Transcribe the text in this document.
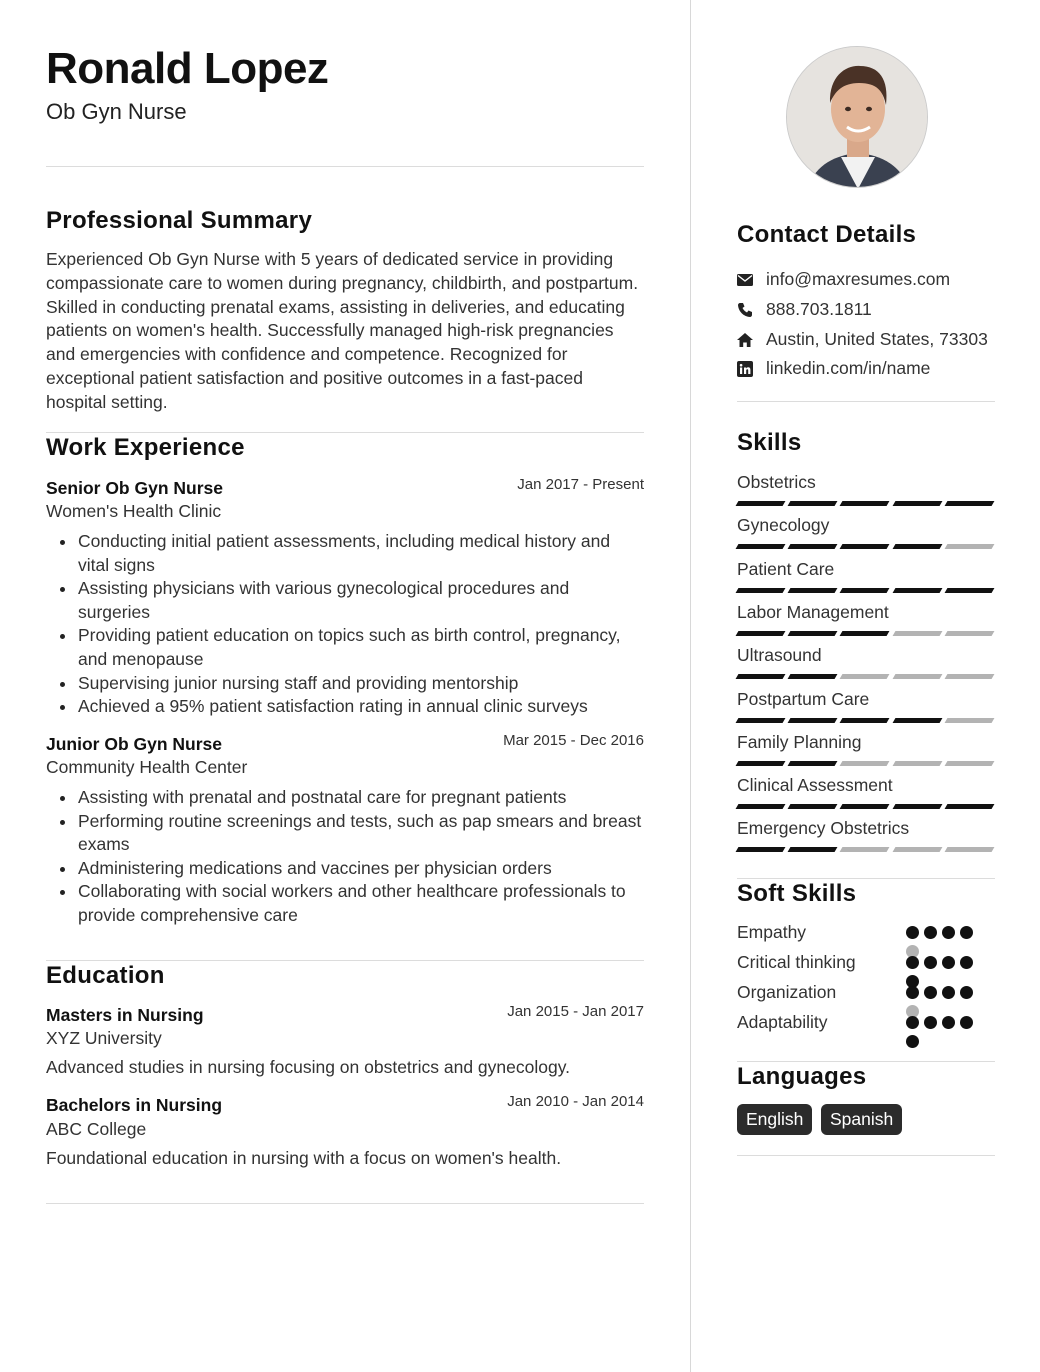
Ronald Lopez
Ob Gyn Nurse
Professional Summary
Experienced Ob Gyn Nurse with 5 years of dedicated service in providing compassionate care to women during pregnancy, childbirth, and postpartum. Skilled in conducting prenatal exams, assisting in deliveries, and educating patients on women's health. Successfully managed high-risk pregnancies and emergencies with confidence and competence. Recognized for exceptional patient satisfaction and positive outcomes in a fast-paced hospital setting.
Work Experience
Senior Ob Gyn Nurse	Jan 2017 - Present
Women's Health Clinic
Conducting initial patient assessments, including medical history and vital signs
Assisting physicians with various gynecological procedures and surgeries
Providing patient education on topics such as birth control, pregnancy, and menopause
Supervising junior nursing staff and providing mentorship
Achieved a 95% patient satisfaction rating in annual clinic surveys
Junior Ob Gyn Nurse	Mar 2015 - Dec 2016
Community Health Center
Assisting with prenatal and postnatal care for pregnant patients
Performing routine screenings and tests, such as pap smears and breast exams
Administering medications and vaccines per physician orders
Collaborating with social workers and other healthcare professionals to provide comprehensive care
Education
Masters in Nursing	Jan 2015 - Jan 2017
XYZ University
Advanced studies in nursing focusing on obstetrics and gynecology.
Bachelors in Nursing	Jan 2010 - Jan 2014
ABC College
Foundational education in nursing with a focus on women's health.
Contact Details
info@maxresumes.com
888.703.1811
Austin, United States, 73303
linkedin.com/in/name
Skills
Obstetrics
Gynecology
Patient Care
Labor Management
Ultrasound
Postpartum Care
Family Planning
Clinical Assessment
Emergency Obstetrics
Soft Skills
Empathy
Critical thinking
Organization
Adaptability
Languages
English	Spanish
